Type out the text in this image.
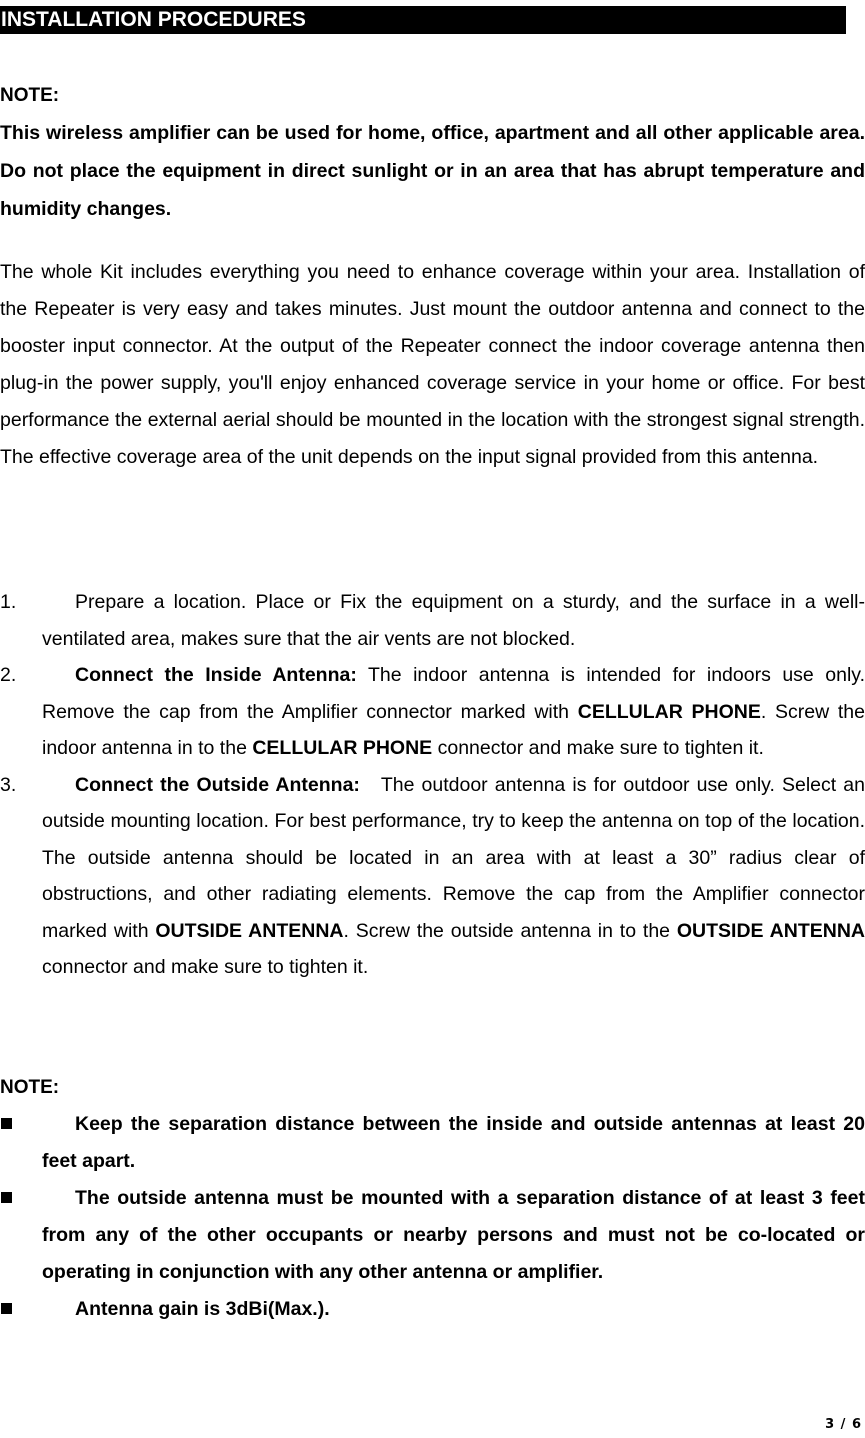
INSTALLATION PROCEDURES
NOTE:

This wireless amplifier can be used for home, office, apartment and all other applicable area. Do not place the equipment in direct sunlight or in an area that has abrupt temperature and humidity changes.

The whole Kit includes everything you need to enhance coverage within your area. Installation of the Repeater is very easy and takes minutes. Just mount the outdoor antenna and connect to the booster input connector. At the output of the Repeater connect the indoor coverage antenna then plug-in the power supply, you'll enjoy enhanced coverage service in your home or office. For best performance the external aerial should be mounted in the location with the strongest signal strength. The effective coverage area of the unit depends on the input signal provided from this antenna.

1.	Prepare a location. Place or Fix the equipment on a sturdy, and the surface in a well-ventilated area, makes sure that the air vents are not blocked.
2.	Connect the Inside Antenna: The indoor antenna is intended for indoors use only. Remove the cap from the Amplifier connector marked with CELLULAR PHONE. Screw the indoor antenna in to the CELLULAR PHONE connector and make sure to tighten it.
3.	Connect the Outside Antenna:   The outdoor antenna is for outdoor use only. Select an outside mounting location. For best performance, try to keep the antenna on top of the location. The outside antenna should be located in an area with at least a 30” radius clear of obstructions, and other radiating elements. Remove the cap from the Amplifier connector marked with OUTSIDE ANTENNA. Screw the outside antenna in to the OUTSIDE ANTENNA connector and make sure to tighten it.
NOTE:
Keep the separation distance between the inside and outside antennas at least 20 feet apart.
The outside antenna must be mounted with a separation distance of at least 3 feet from any of the other occupants or nearby persons and must not be co-located or operating in conjunction with any other antenna or amplifier.
Antenna gain is 3dBi(Max.).
3 / 6
